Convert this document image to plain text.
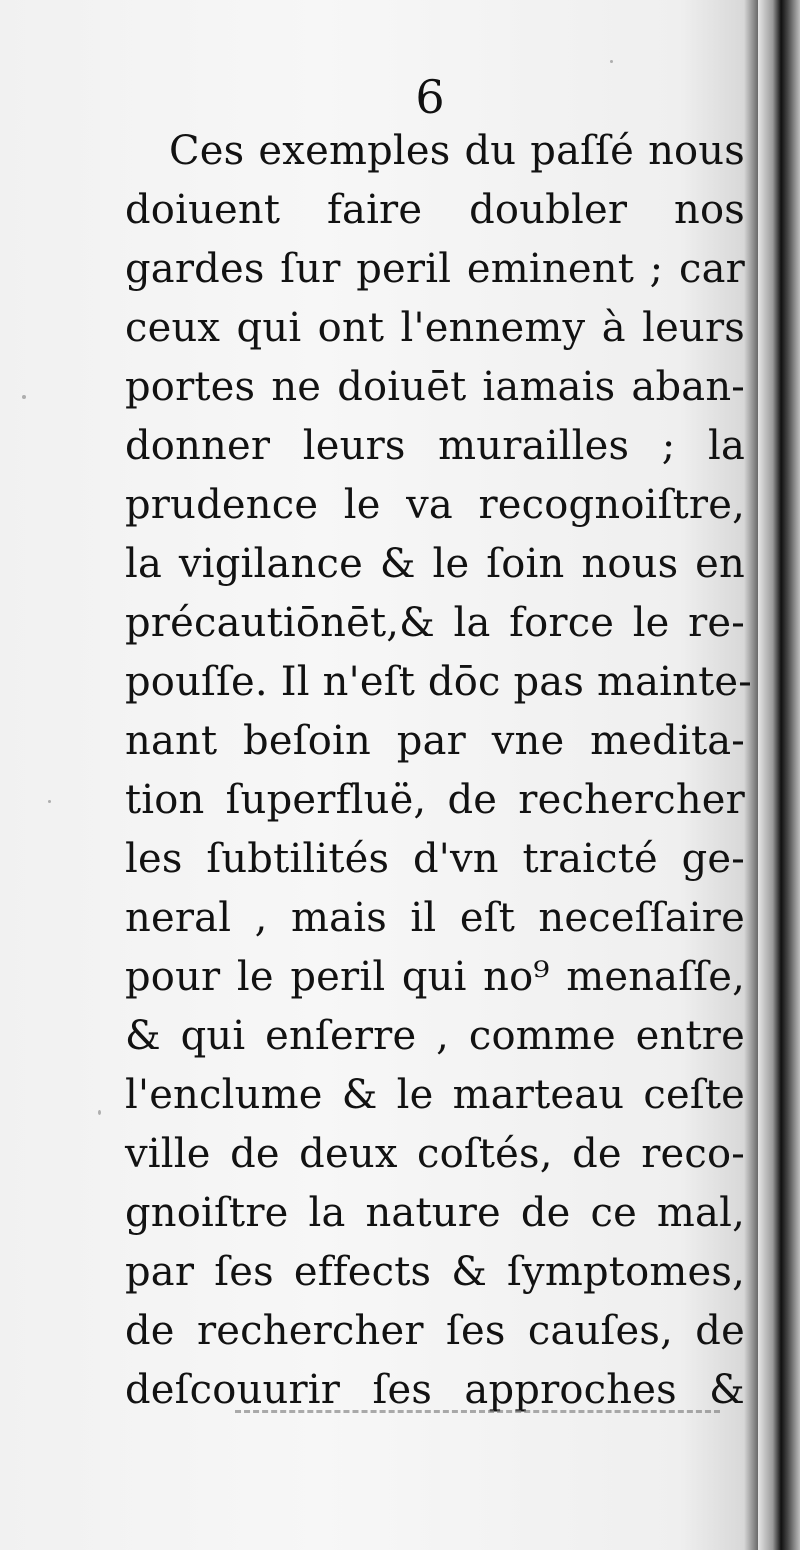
6
Ces exemples du paſſé nous
doiuent faire doubler nos
gardes ſur peril eminent ; car
ceux qui ont l'ennemy à leurs
portes ne doiuēt iamais aban-
donner leurs murailles ; la
prudence le va recognoiſtre,
la vigilance & le ſoin nous en
précautiōnēt,& la force le re-
pouſſe. Il n'eſt dōc pas mainte-
nant beſoin par vne medita-
tion ſuperfluë, de rechercher
les ſubtilités d'vn traicté ge-
neral , mais il eſt neceſſaire
pour le peril qui no⁹ menaſſe,
& qui enſerre , comme entre
l'enclume & le marteau ceſte
ville de deux coſtés, de reco-
gnoiſtre la nature de ce mal,
par ſes effects & ſymptomes,
de rechercher ſes cauſes, de
deſcouurir ſes approches &
